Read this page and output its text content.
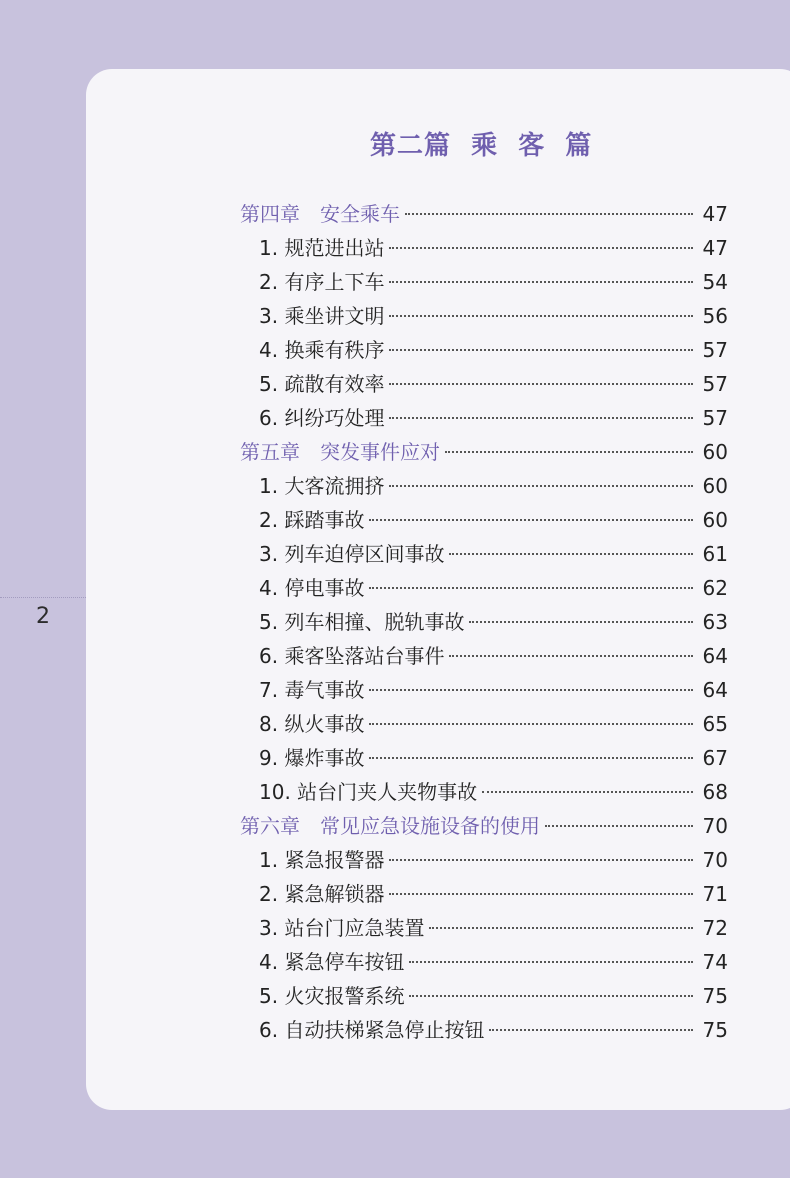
2
第二篇  乘  客  篇
第四章　 安全乘车	47
1. 规范进出站	47
2. 有序上下车	54
3. 乘坐讲文明	56
4. 换乘有秩序	57
5. 疏散有效率	57
6. 纠纷巧处理	57
第五章　 突发事件应对	60
1. 大客流拥挤	60
2. 踩踏事故	60
3. 列车迫停区间事故	61
4. 停电事故	62
5. 列车相撞、脱轨事故	63
6. 乘客坠落站台事件	64
7. 毒气事故	64
8. 纵火事故	65
9. 爆炸事故	67
10. 站台门夹人夹物事故	68
第六章　 常见应急设施设备的使用	70
1. 紧急报警器	70
2. 紧急解锁器	71
3. 站台门应急装置	72
4. 紧急停车按钮	74
5. 火灾报警系统	75
6. 自动扶梯紧急停止按钮	75
